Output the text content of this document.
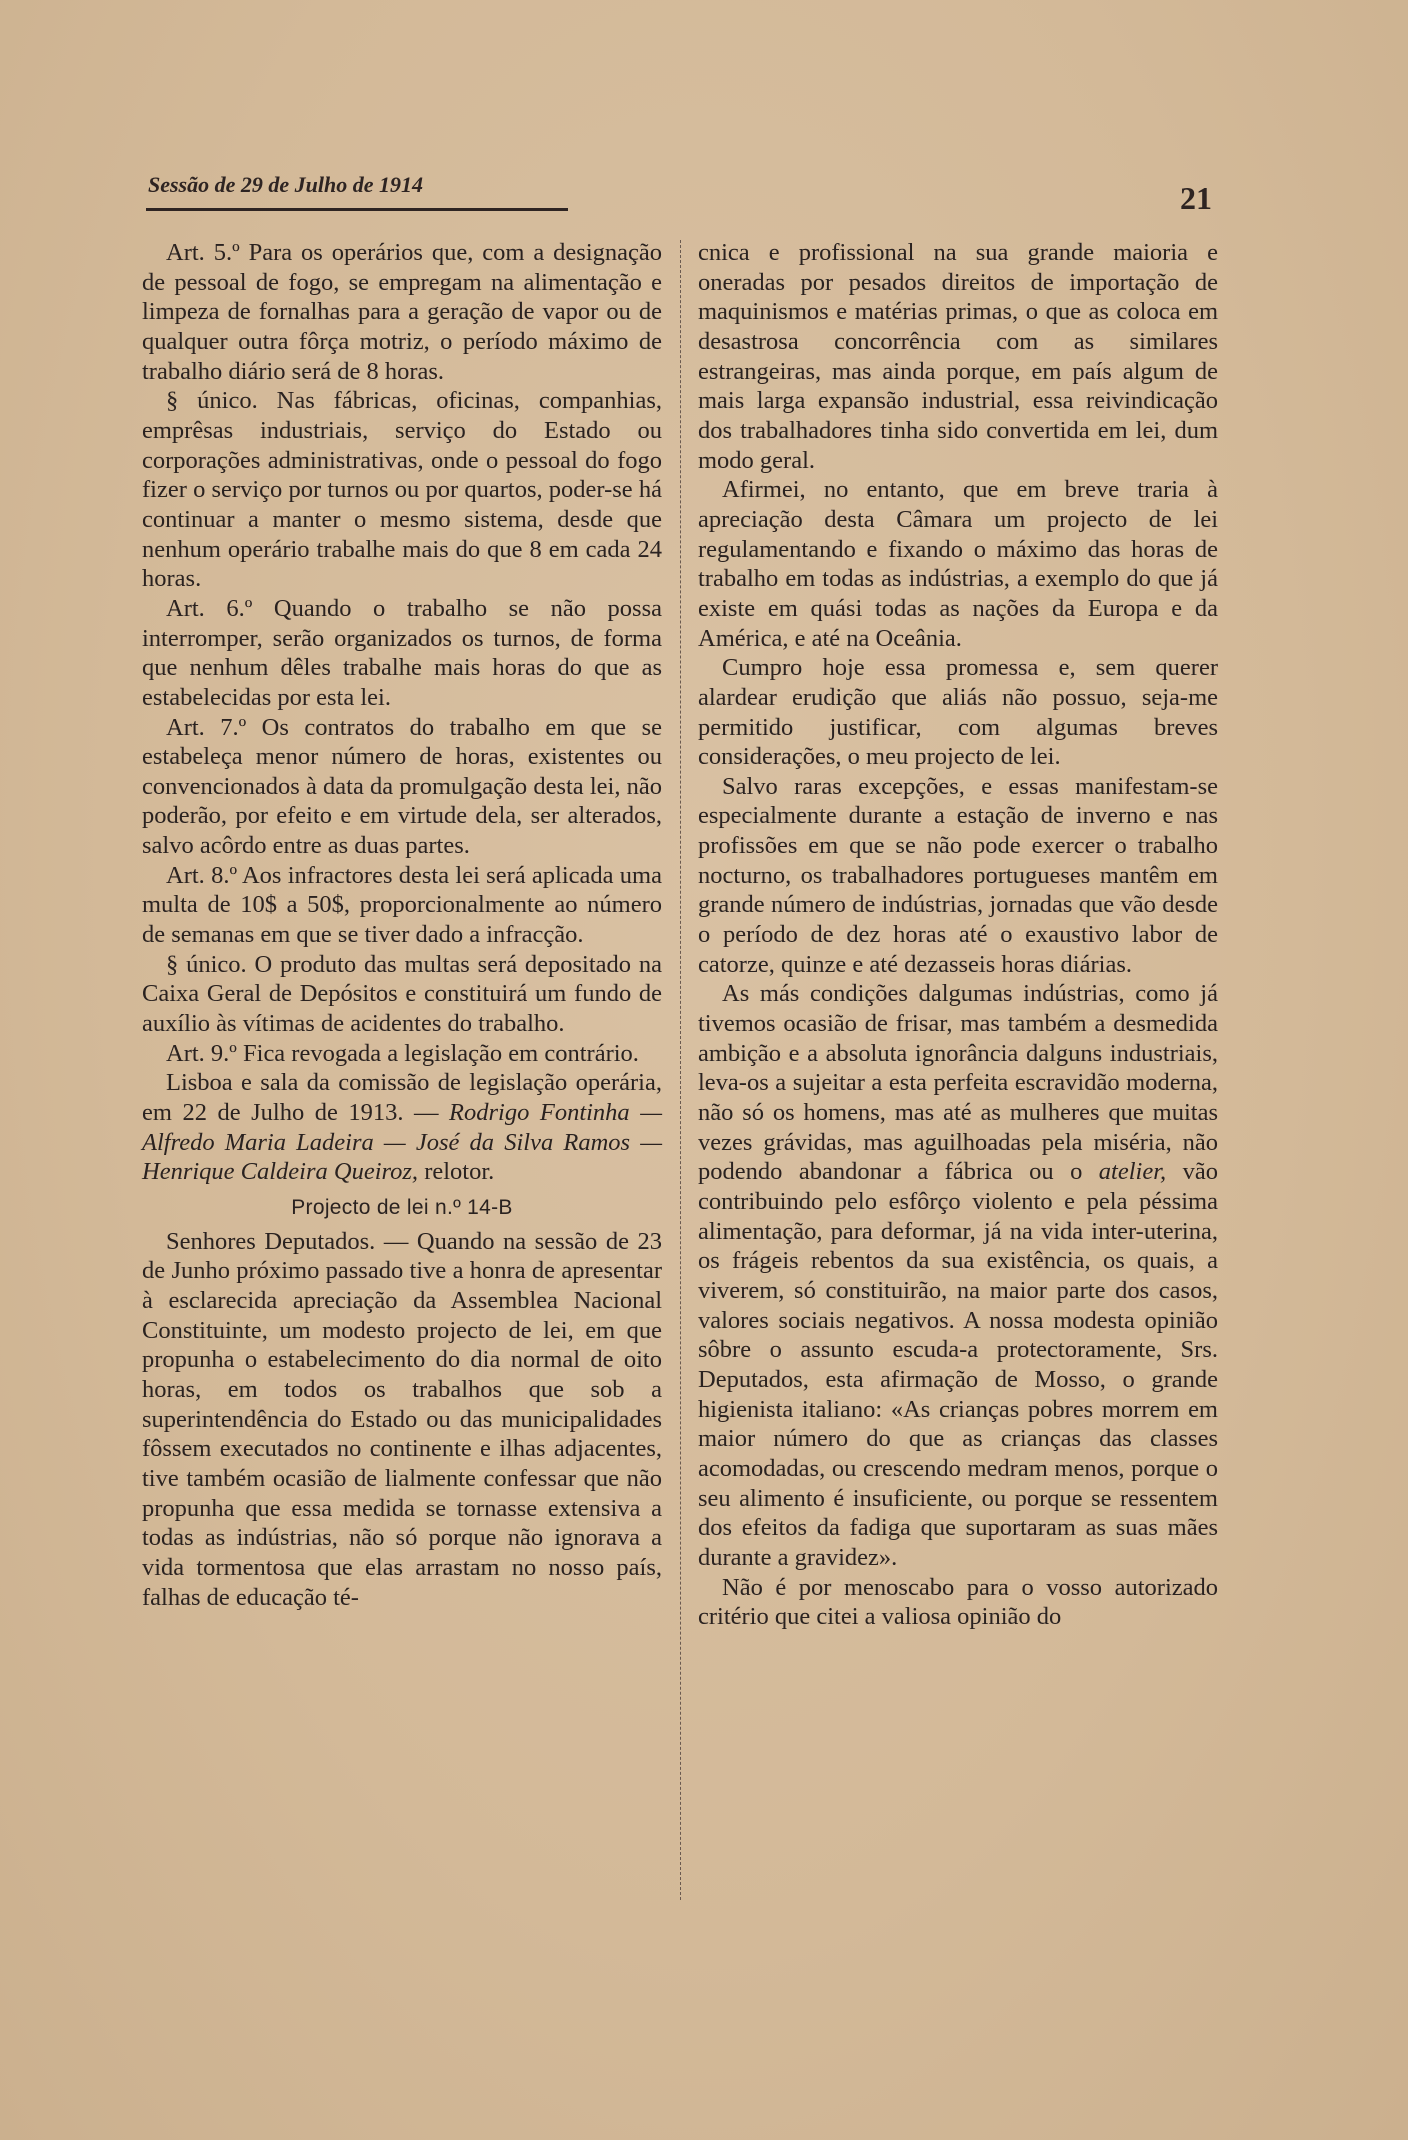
Sessão de 29 de Julho de 1914	21

Art. 5.º Para os operários que, com a designação de pessoal de fogo, se empregam na alimentação e limpeza de fornalhas para a geração de vapor ou de qualquer outra fôrça motriz, o período máximo de trabalho diário será de 8 horas.

§ único. Nas fábricas, oficinas, companhias, emprêsas industriais, serviço do Estado ou corporações administrativas, onde o pessoal do fogo fizer o serviço por turnos ou por quartos, poder-se há continuar a manter o mesmo sistema, desde que nenhum operário trabalhe mais do que 8 em cada 24 horas.

Art. 6.º Quando o trabalho se não possa interromper, serão organizados os turnos, de forma que nenhum dêles trabalhe mais horas do que as estabelecidas por esta lei.

Art. 7.º Os contratos do trabalho em que se estabeleça menor número de horas, existentes ou convencionados à data da promulgação desta lei, não poderão, por efeito e em virtude dela, ser alterados, salvo acôrdo entre as duas partes.

Art. 8.º Aos infractores desta lei será aplicada uma multa de 10$ a 50$, proporcionalmente ao número de semanas em que se tiver dado a infracção.

§ único. O produto das multas será depositado na Caixa Geral de Depósitos e constituirá um fundo de auxílio às vítimas de acidentes do trabalho.

Art. 9.º Fica revogada a legislação em contrário.

Lisboa e sala da comissão de legislação operária, em 22 de Julho de 1913. — Rodrigo Fontinha — Alfredo Maria Ladeira — José da Silva Ramos — Henrique Caldeira Queiroz, relotor.

Projecto de lei n.º 14-B

Senhores Deputados. — Quando na sessão de 23 de Junho próximo passado tive a honra de apresentar à esclarecida apreciação da Assemblea Nacional Constituinte, um modesto projecto de lei, em que propunha o estabelecimento do dia normal de oito horas, em todos os trabalhos que sob a superintendência do Estado ou das municipalidades fôssem executados no continente e ilhas adjacentes, tive também ocasião de lialmente confessar que não propunha que essa medida se tornasse extensiva a todas as indústrias, não só porque não ignorava a vida tormentosa que elas arrastam no nosso país, falhas de educação té-

cnica e profissional na sua grande maioria e oneradas por pesados direitos de importação de maquinismos e matérias primas, o que as coloca em desastrosa concorrência com as similares estrangeiras, mas ainda porque, em país algum de mais larga expansão industrial, essa reivindicação dos trabalhadores tinha sido convertida em lei, dum modo geral.

Afirmei, no entanto, que em breve traria à apreciação desta Câmara um projecto de lei regulamentando e fixando o máximo das horas de trabalho em todas as indústrias, a exemplo do que já existe em quási todas as nações da Europa e da América, e até na Oceânia.

Cumpro hoje essa promessa e, sem querer alardear erudição que aliás não possuo, seja-me permitido justificar, com algumas breves considerações, o meu projecto de lei.

Salvo raras excepções, e essas manifestam-se especialmente durante a estação de inverno e nas profissões em que se não pode exercer o trabalho nocturno, os trabalhadores portugueses mantêm em grande número de indústrias, jornadas que vão desde o período de dez horas até o exaustivo labor de catorze, quinze e até dezasseis horas diárias.

As más condições dalgumas indústrias, como já tivemos ocasião de frisar, mas também a desmedida ambição e a absoluta ignorância dalguns industriais, leva-os a sujeitar a esta perfeita escravidão moderna, não só os homens, mas até as mulheres que muitas vezes grávidas, mas aguilhoadas pela miséria, não podendo abandonar a fábrica ou o atelier, vão contribuindo pelo esfôrço violento e pela péssima alimentação, para deformar, já na vida inter-uterina, os frágeis rebentos da sua existência, os quais, a viverem, só constituirão, na maior parte dos casos, valores sociais negativos. A nossa modesta opinião sôbre o assunto escuda-a protectoramente, Srs. Deputados, esta afirmação de Mosso, o grande higienista italiano: «As crianças pobres morrem em maior número do que as crianças das classes acomodadas, ou crescendo medram menos, porque o seu alimento é insuficiente, ou porque se ressentem dos efeitos da fadiga que suportaram as suas mães durante a gravidez».

Não é por menoscabo para o vosso autorizado critério que citei a valiosa opinião do
